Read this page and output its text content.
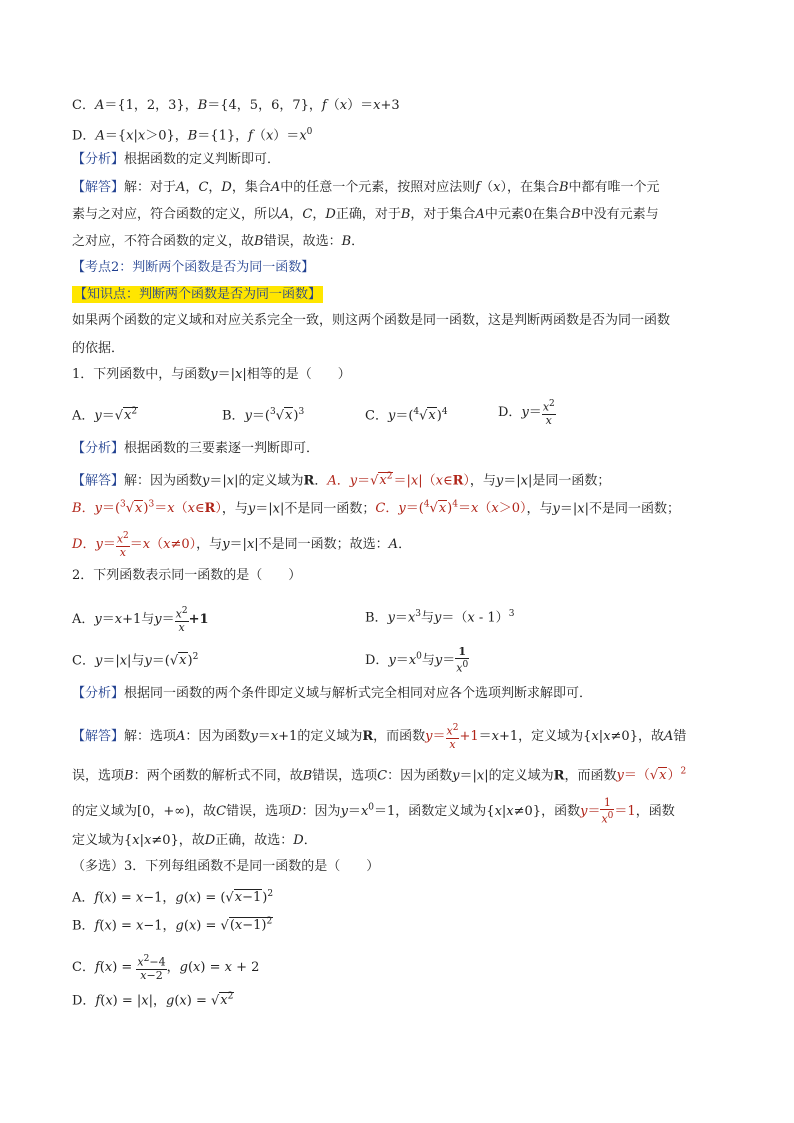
C．A＝{1，2，3}，B＝{4，5，6，7}，f（x）＝x+3
D．A＝{x|x＞0}，B＝{1}，$f(x)=x^0$
【分析】根据函数的定义判断即可．
【解答】解：对于A，C，D，集合A中的任意一个元素，按照对应法则f（x），在集合B中都有唯一个元
素与之对应，符合函数的定义，所以A，C，D正确，对于B，对于集合A中元素0在集合B中没有元素与
之对应，不符合函数的定义，故B错误，故选：B．
【考点2：判断两个函数是否为同一函数】
【知识点：判断两个函数是否为同一函数】
如果两个函数的定义域和对应关系完全一致，则这两个函数是同一函数，这是判断两函数是否为同一函数
的依据．
1．下列函数中，与函数y＝|x|相等的是（　　）
A．$y=√x^2$	B．$y=(^3√x)^3$	C．$y=(^4√x)^4$	D．$y= \frac{x^2}{x}$
【分析】根据函数的三要素逐一判断即可．
【解答】解：因为函数y＝|x|的定义域为R．A．$y=√x^2=|x|(x\in R)$，与y＝|x|是同一函数；
B．$y=(^3√x)^3=x(x\in R)$，与y＝|x|不是同一函数；C．$y=(^4√x)^4=x(x>0)$，与y＝|x|不是同一函数；
D．$y= \frac{x^2}{x} =x(x\ne 0)$，与y＝|x|不是同一函数；故选：A．
2．下列函数表示同一函数的是（　　）
A．y＝x+1与$y= \frac{x^2}{x} +1$	B．$y=x^3$与y＝（x - 1）$^3$
C．y＝|x|与$y=(√x)^2$	D．$y=x^0$与$y= \frac{1}{x^0}$
【分析】根据同一函数的两个条件即定义域与解析式完全相同对应各个选项判断求解即可．
【解答】解：选项A：因为函数y＝x+1的定义域为R，而函数$y= \frac{x^2}{x} +1=x+1$，定义域为{x|x≠0}，故A错
误，选项B：两个函数的解析式不同，故B错误，选项C：因为函数y＝|x|的定义域为R，而函数$y=(√x)^2$
的定义域为[0，+∞)，故C错误，选项D：因为$y=x^0=1$，函数定义域为{x|x≠0}，函数$y= \frac{1}{x^0} =1$，函数
定义域为{x|x≠0}，故D正确，故选：D．
（多选）3．下列每组函数不是同一函数的是（　　）
A．f(x) = x−1，$g(x) = (√x-1)^2$
B．f(x) = x−1，$g(x) = √(x-1)^2$
C．$f(x) = \frac{x^2-4}{x-2}$ ，g(x) = x + 2
D．f(x) = |x|，$g(x) = √x^2$
